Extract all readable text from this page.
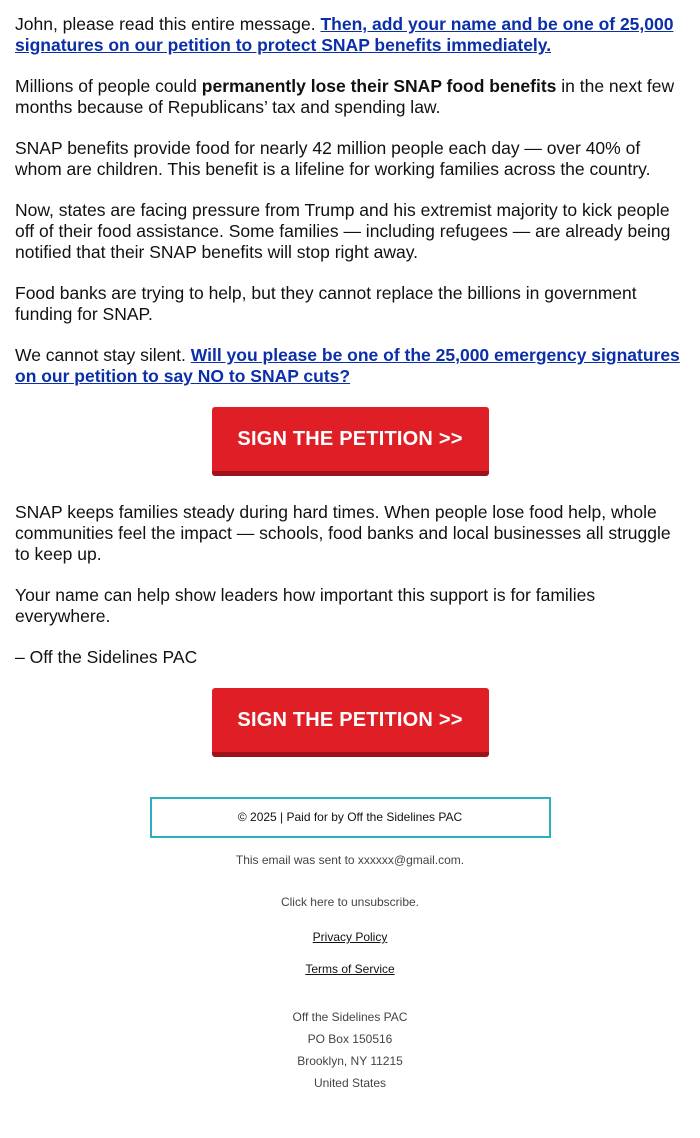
John, please read this entire message. Then, add your name and be one of 25,000 signatures on our petition to protect SNAP benefits immediately.

Millions of people could permanently lose their SNAP food benefits in the next few months because of Republicans’ tax and spending law.

SNAP benefits provide food for nearly 42 million people each day — over 40% of whom are children. This benefit is a lifeline for working families across the country.

Now, states are facing pressure from Trump and his extremist majority to kick people off of their food assistance. Some families — including refugees — are already being notified that their SNAP benefits will stop right away.

Food banks are trying to help, but they cannot replace the billions in government funding for SNAP.

We cannot stay silent. Will you please be one of the 25,000 emergency signatures on our petition to say NO to SNAP cuts?

SIGN THE PETITION >>

SNAP keeps families steady during hard times. When people lose food help, whole communities feel the impact — schools, food banks and local businesses all struggle to keep up.

Your name can help show leaders how important this support is for families everywhere.

– Off the Sidelines PAC

SIGN THE PETITION >>
© 2025 | Paid for by Off the Sidelines PAC
This email was sent to xxxxxx@gmail.com.
Click here to unsubscribe.
Privacy Policy
Terms of Service
Off the Sidelines PAC
PO Box 150516
Brooklyn, NY 11215
United States
